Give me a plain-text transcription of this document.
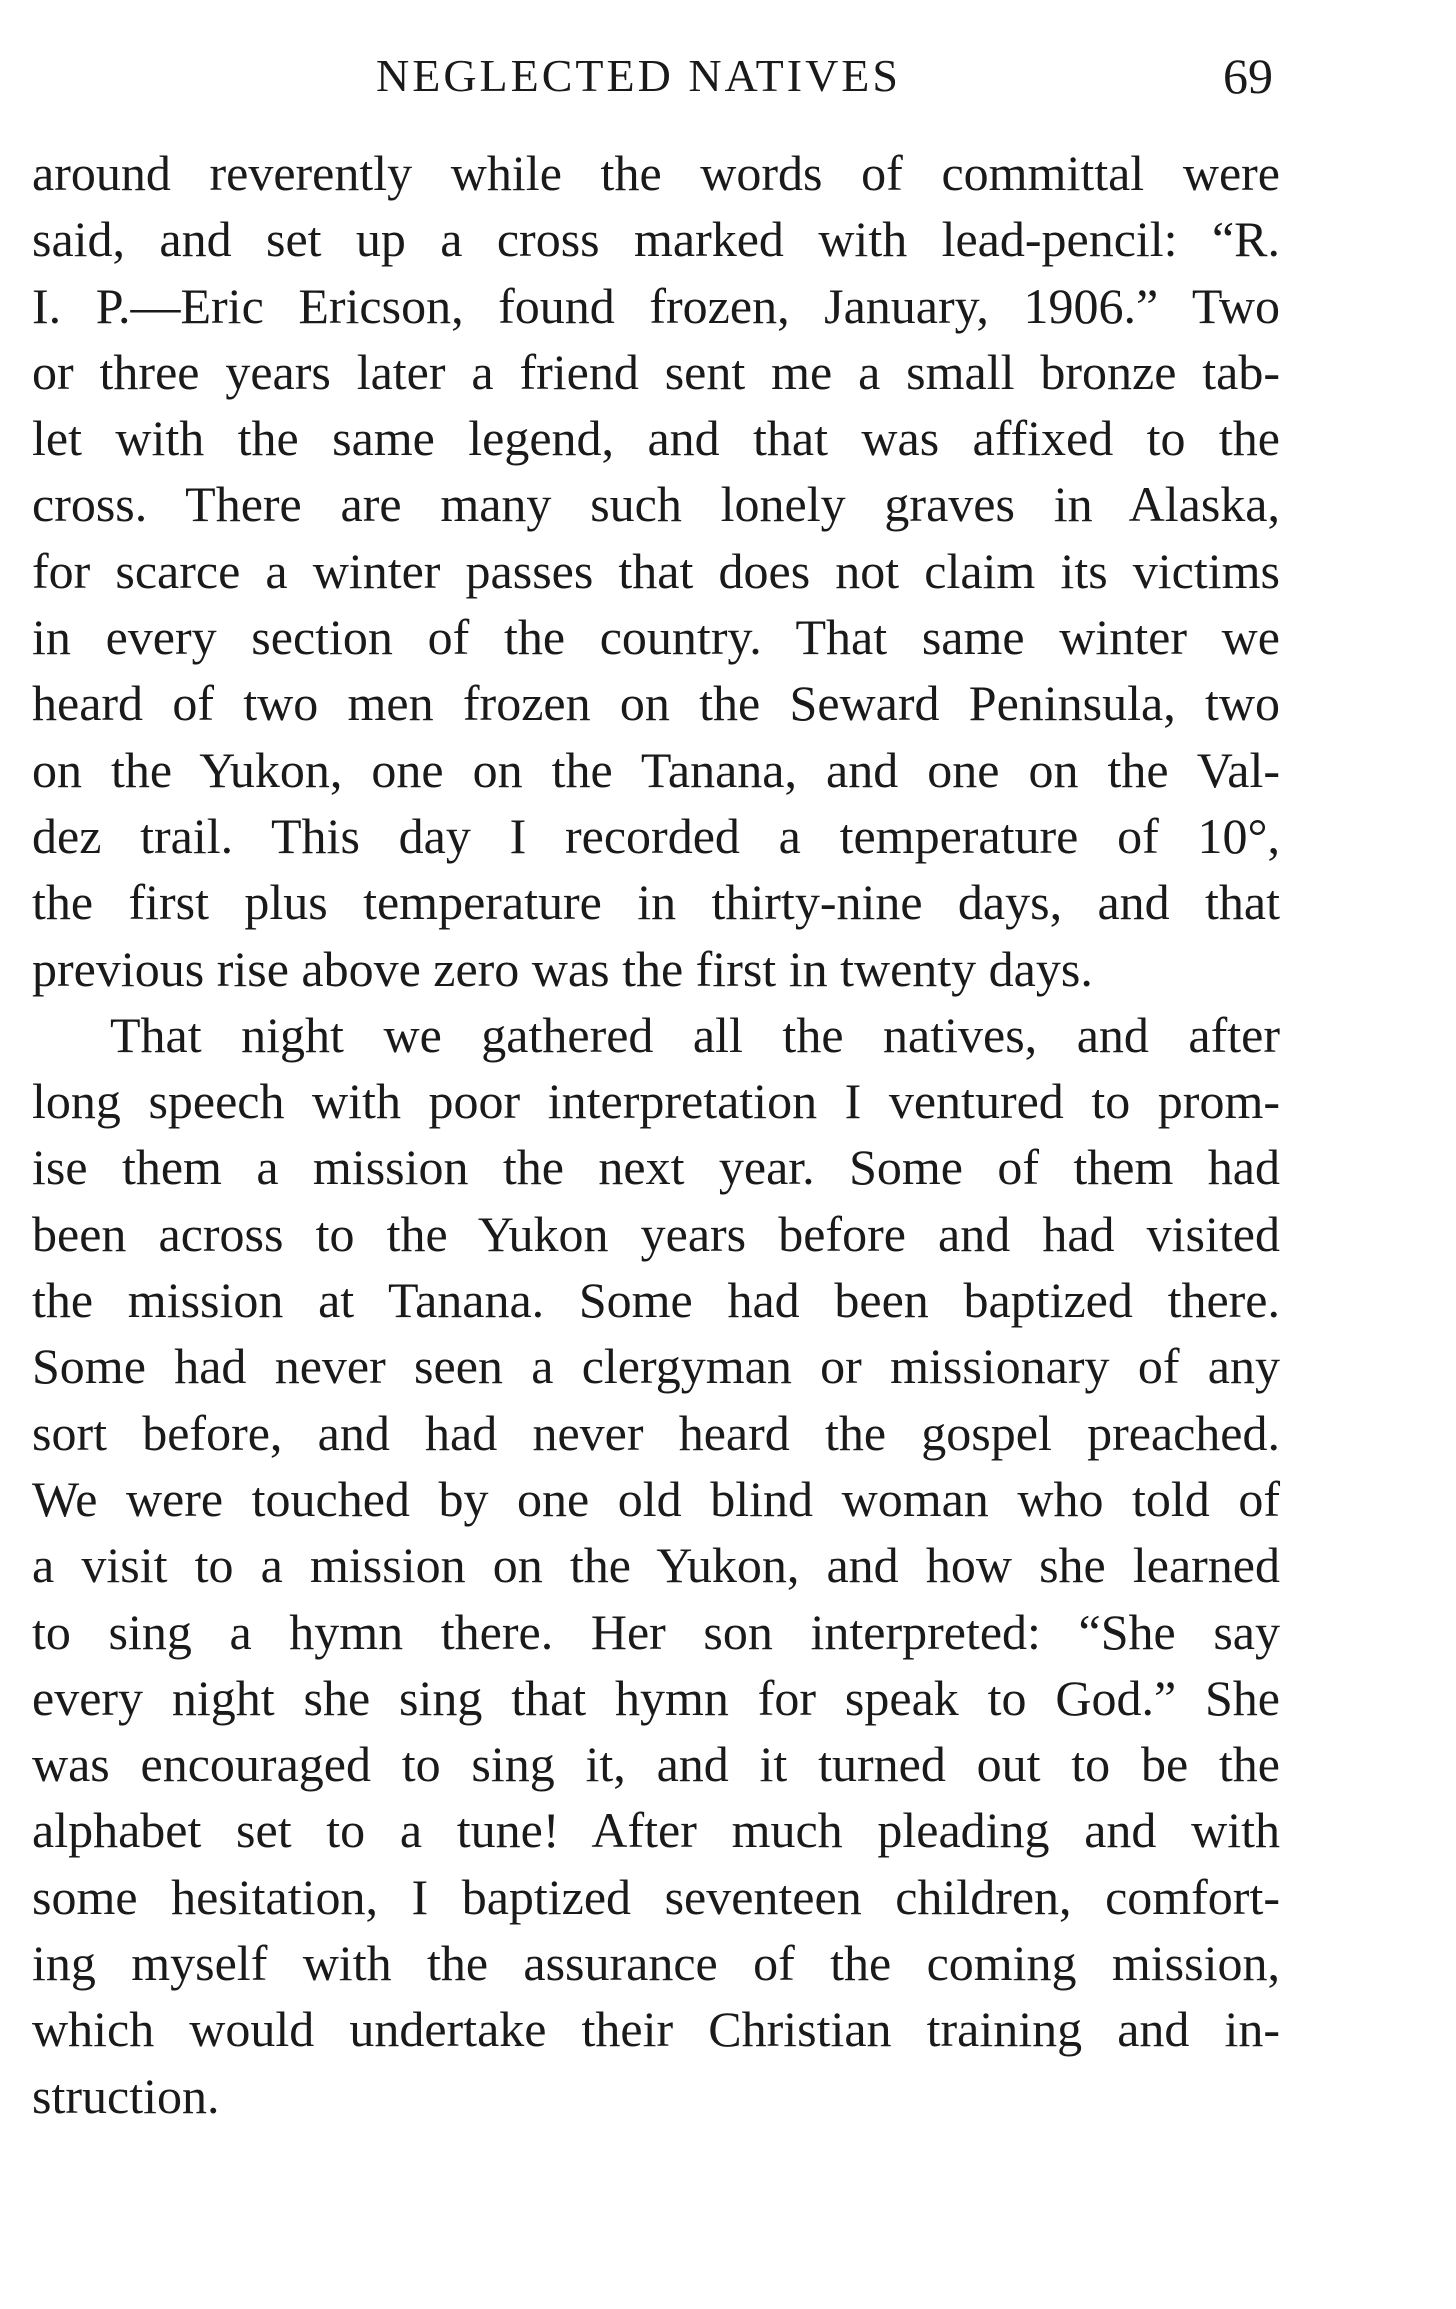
NEGLECTED NATIVES	69

around reverently while the words of committal were
said, and set up a cross marked with lead-pencil: “R.
I. P.—Eric Ericson, found frozen, January, 1906.” Two
or three years later a friend sent me a small bronze tab-
let with the same legend, and that was affixed to the
cross. There are many such lonely graves in Alaska,
for scarce a winter passes that does not claim its victims
in every section of the country. That same winter we
heard of two men frozen on the Seward Peninsula, two
on the Yukon, one on the Tanana, and one on the Val-
dez trail. This day I recorded a temperature of 10°,
the first plus temperature in thirty-nine days, and that
previous rise above zero was the first in twenty days.

That night we gathered all the natives, and after
long speech with poor interpretation I ventured to prom-
ise them a mission the next year. Some of them had
been across to the Yukon years before and had visited
the mission at Tanana. Some had been baptized there.
Some had never seen a clergyman or missionary of any
sort before, and had never heard the gospel preached.
We were touched by one old blind woman who told of
a visit to a mission on the Yukon, and how she learned
to sing a hymn there. Her son interpreted: “She say
every night she sing that hymn for speak to God.” She
was encouraged to sing it, and it turned out to be the
alphabet set to a tune! After much pleading and with
some hesitation, I baptized seventeen children, comfort-
ing myself with the assurance of the coming mission,
which would undertake their Christian training and in-
struction.
